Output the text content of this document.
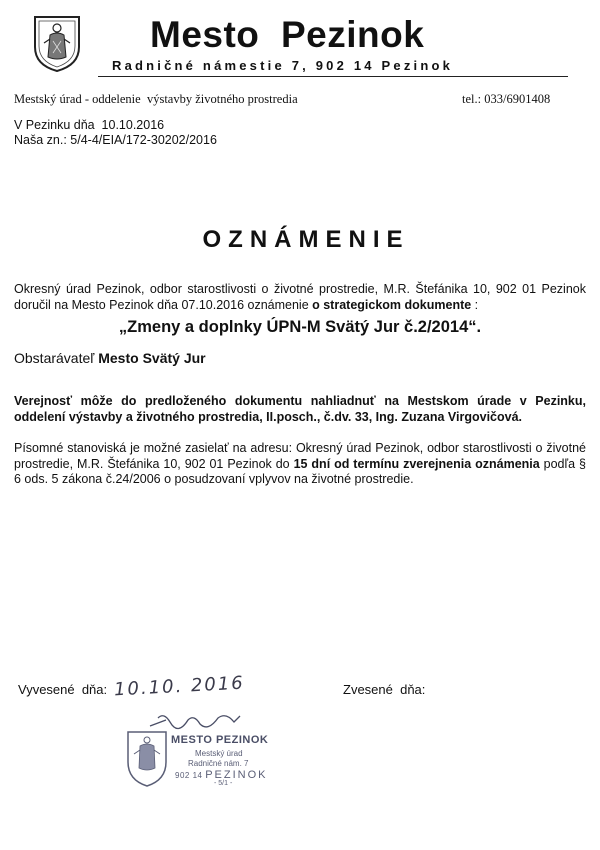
Mesto  Pezinok
Radničné námestie 7, 902 14 Pezinok
Mestský úrad - oddelenie  výstavby životného prostredia	tel.: 033/6901408
V Pezinku dňa  10.10.2016
Naša zn.: 5/4-4/EIA/172-30202/2016
OZNÁMENIE
Okresný úrad Pezinok, odbor starostlivosti o životné prostredie, M.R. Štefánika 10, 902 01 Pezinok doručil na Mesto Pezinok dňa 07.10.2016 oznámenie o strategickom dokumente :
„Zmeny a doplnky ÚPN-M Svätý Jur č.2/2014“.
Obstarávateľ Mesto Svätý Jur
Verejnosť môže do predloženého dokumentu nahliadnuť na Mestskom úrade v Pezinku, oddelení výstavby a životného prostredia, II.posch., č.dv. 33, Ing. Zuzana Virgovičová.
Písomné stanoviská je možné zasielať na adresu: Okresný úrad Pezinok, odbor starostlivosti o životné prostredie, M.R. Štefánika 10, 902 01 Pezinok do 15 dní od termínu zverejnenia oznámenia podľa § 6 ods. 5 zákona č.24/2006 o posudzovaní vplyvov na životné prostredie.
Vyvesené  dňa: 10.10. 2016	Zvesené  dňa:
MESTO PEZINOK
Mestský úrad
Radničné nám. 7
902 14 PEZINOK
- 5/1 -
